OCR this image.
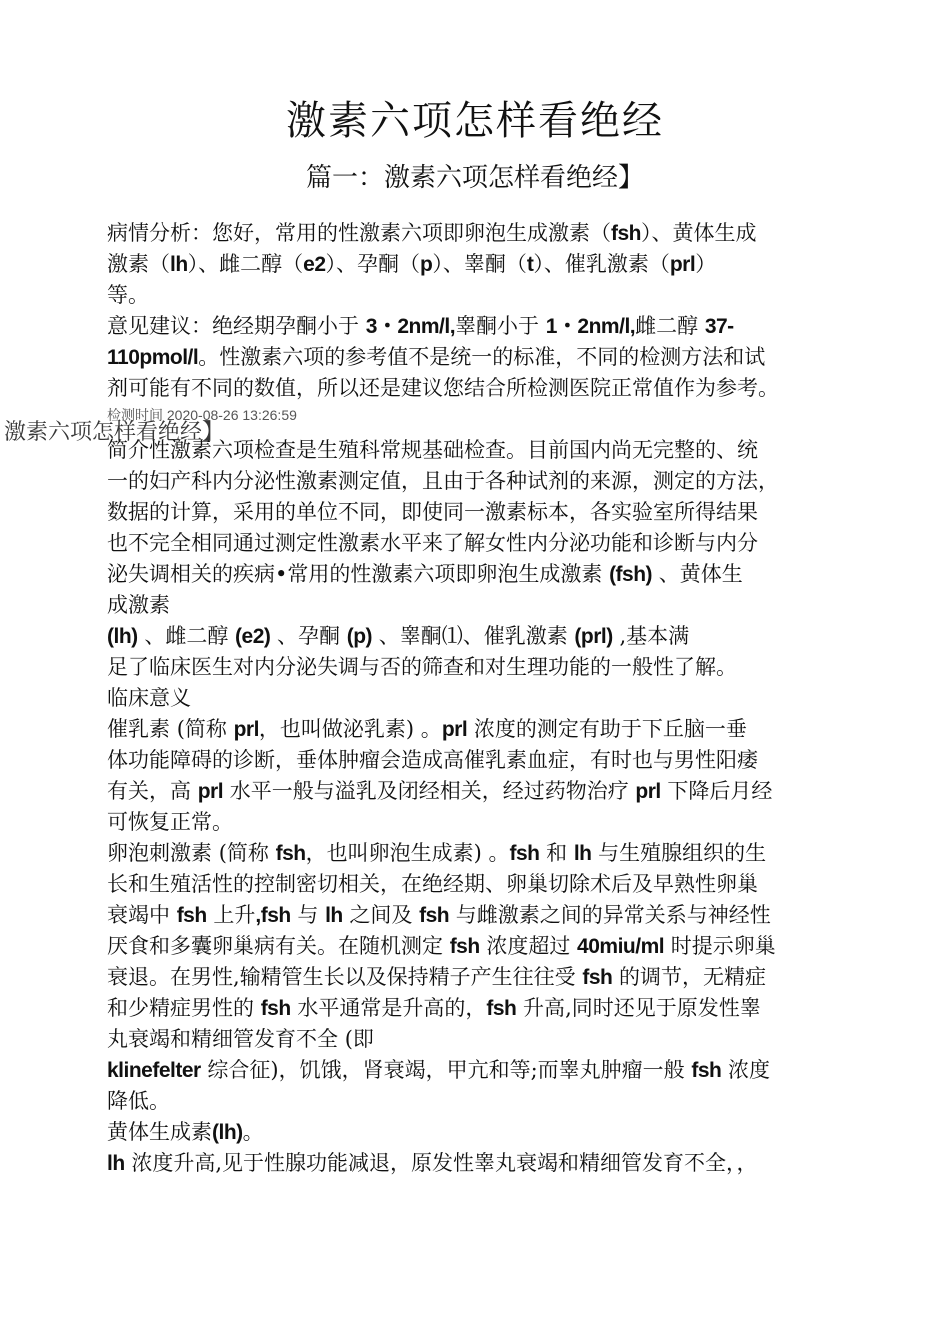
激素六项怎样看绝经
篇一：激素六项怎样看绝经】

病情分析：您好，常用的性激素六项即卵泡生成激素（fsh）、黄体生成

激素（lh）、雌二醇（e2）、孕酮（p）、睾酮（t）、催乳激素（prl）

等。

意见建议：绝经期孕酮小于 3・2nm/l,睾酮小于 1・2nm/l,雌二醇 37-

110pmol/l。性激素六项的参考值不是统一的标准，不同的检测方法和试

剂可能有不同的数值，所以还是建议您结合所检测医院正常值作为参考。

简介性激素六项检查是生殖科常规基础检查。目前国内尚无完整的、统

一的妇产科内分泌性激素测定值，且由于各种试剂的来源，测定的方法，

数据的计算，采用的单位不同，即使同一激素标本，各实验室所得结果

也不完全相同通过测定性激素水平来了解女性内分泌功能和诊断与内分

泌失调相关的疾病•常用的性激素六项即卵泡生成激素 (fsh) 、黄体生

成激素

(lh) 、雌二醇 (e2) 、孕酮 (p) 、睾酮⑴、催乳激素 (prl) ,基本满

足了临床医生对内分泌失调与否的筛查和对生理功能的一般性了解。

临床意义

催乳素 (简称 prl，也叫做泌乳素) 。prl 浓度的测定有助于下丘脑一垂

体功能障碍的诊断，垂体肿瘤会造成高催乳素血症，有时也与男性阳痿

有关，高 prl 水平一般与溢乳及闭经相关，经过药物治疗 prl 下降后月经

可恢复正常。

卵泡刺激素 (简称 fsh，也叫卵泡生成素) 。fsh 和 lh 与生殖腺组织的生

长和生殖活性的控制密切相关，在绝经期、卵巢切除术后及早熟性卵巢

衰竭中 fsh 上升,fsh 与 lh 之间及 fsh 与雌激素之间的异常关系与神经性

厌食和多囊卵巢病有关。在随机测定 fsh 浓度超过 40miu/ml 时提示卵巢

衰退。在男性,输精管生长以及保持精子产生往往受 fsh 的调节，无精症

和少精症男性的 fsh 水平通常是升高的，fsh 升高,同时还见于原发性睾

丸衰竭和精细管发育不全 (即

klinefelter 综合征)，饥饿，肾衰竭，甲亢和等;而睾丸肿瘤一般 fsh 浓度

降低。

黄体生成素(lh)。

lh 浓度升高,见于性腺功能减退，原发性睾丸衰竭和精细管发育不全，，

检测时间 2020-08-26 13:26:59
激素六项怎样看绝经】
